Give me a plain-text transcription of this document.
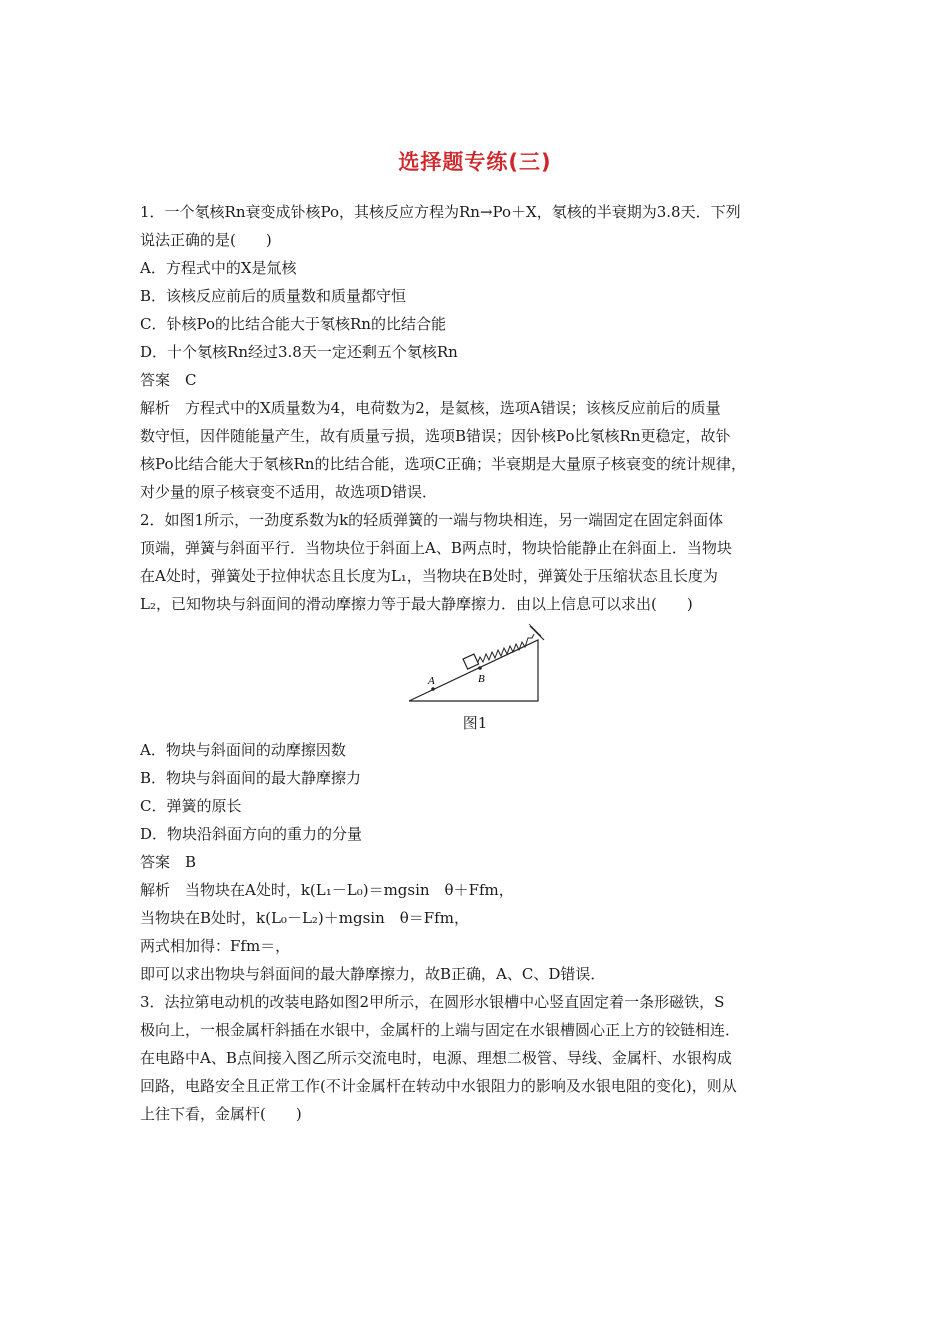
选择题专练(三)
1．一个氡核Rn衰变成钋核Po，其核反应方程为Rn→Po＋X，氡核的半衰期为3.8天．下列
说法正确的是(　　)
A．方程式中的X是氚核
B．该核反应前后的质量数和质量都守恒
C．钋核Po的比结合能大于氡核Rn的比结合能
D．十个氡核Rn经过3.8天一定还剩五个氡核Rn
答案　C
解析　方程式中的X质量数为4，电荷数为2，是氦核，选项A错误；该核反应前后的质量
数守恒，因伴随能量产生，故有质量亏损，选项B错误；因钋核Po比氡核Rn更稳定，故钋
核Po比结合能大于氡核Rn的比结合能，选项C正确；半衰期是大量原子核衰变的统计规律，
对少量的原子核衰变不适用，故选项D错误．
2．如图1所示，一劲度系数为k的轻质弹簧的一端与物块相连，另一端固定在固定斜面体
顶端，弹簧与斜面平行．当物块位于斜面上A、B两点时，物块恰能静止在斜面上．当物块
在A处时，弹簧处于拉伸状态且长度为L₁，当物块在B处时，弹簧处于压缩状态且长度为
L₂，已知物块与斜面间的滑动摩擦力等于最大静摩擦力．由以上信息可以求出(　　)
A	B
图1
A．物块与斜面间的动摩擦因数
B．物块与斜面间的最大静摩擦力
C．弹簧的原长
D．物块沿斜面方向的重力的分量
答案　B
解析　当物块在A处时，k(L₁－L₀)＝mgsin　θ＋Ffm，
当物块在B处时，k(L₀－L₂)＋mgsin　θ＝Ffm，
两式相加得：Ffm＝，
即可以求出物块与斜面间的最大静摩擦力，故B正确，A、C、D错误．
3．法拉第电动机的改装电路如图2甲所示，在圆形水银槽中心竖直固定着一条形磁铁，S
极向上，一根金属杆斜插在水银中，金属杆的上端与固定在水银槽圆心正上方的铰链相连．
在电路中A、B点间接入图乙所示交流电时，电源、理想二极管、导线、金属杆、水银构成
回路，电路安全且正常工作(不计金属杆在转动中水银阻力的影响及水银电阻的变化)，则从
上往下看，金属杆(　　)
